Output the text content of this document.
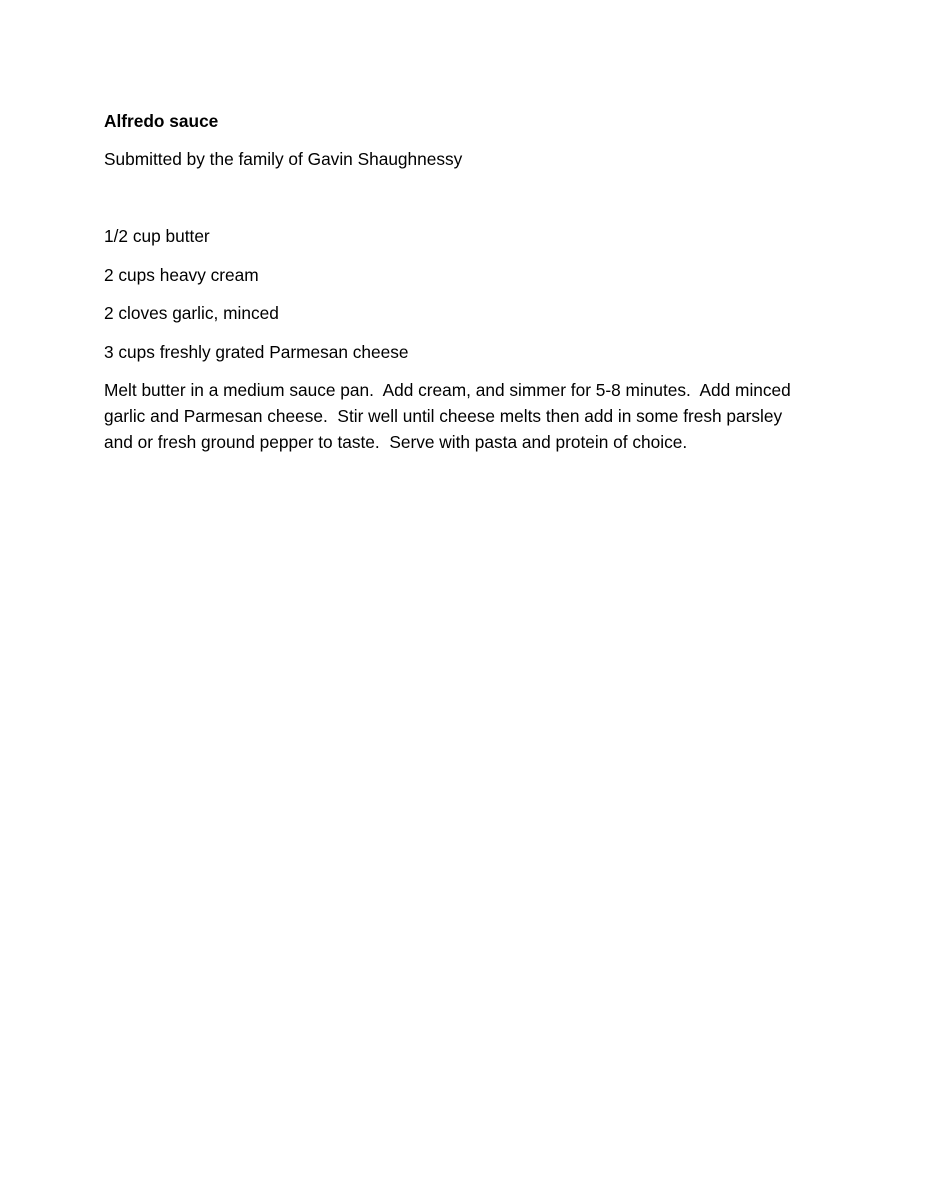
Alfredo sauce

Submitted by the family of Gavin Shaughnessy

1/2 cup butter

2 cups heavy cream

2 cloves garlic, minced

3 cups freshly grated Parmesan cheese

Melt butter in a medium sauce pan.  Add cream, and simmer for 5-8 minutes.  Add minced
garlic and Parmesan cheese.  Stir well until cheese melts then add in some fresh parsley
and or fresh ground pepper to taste.  Serve with pasta and protein of choice.
